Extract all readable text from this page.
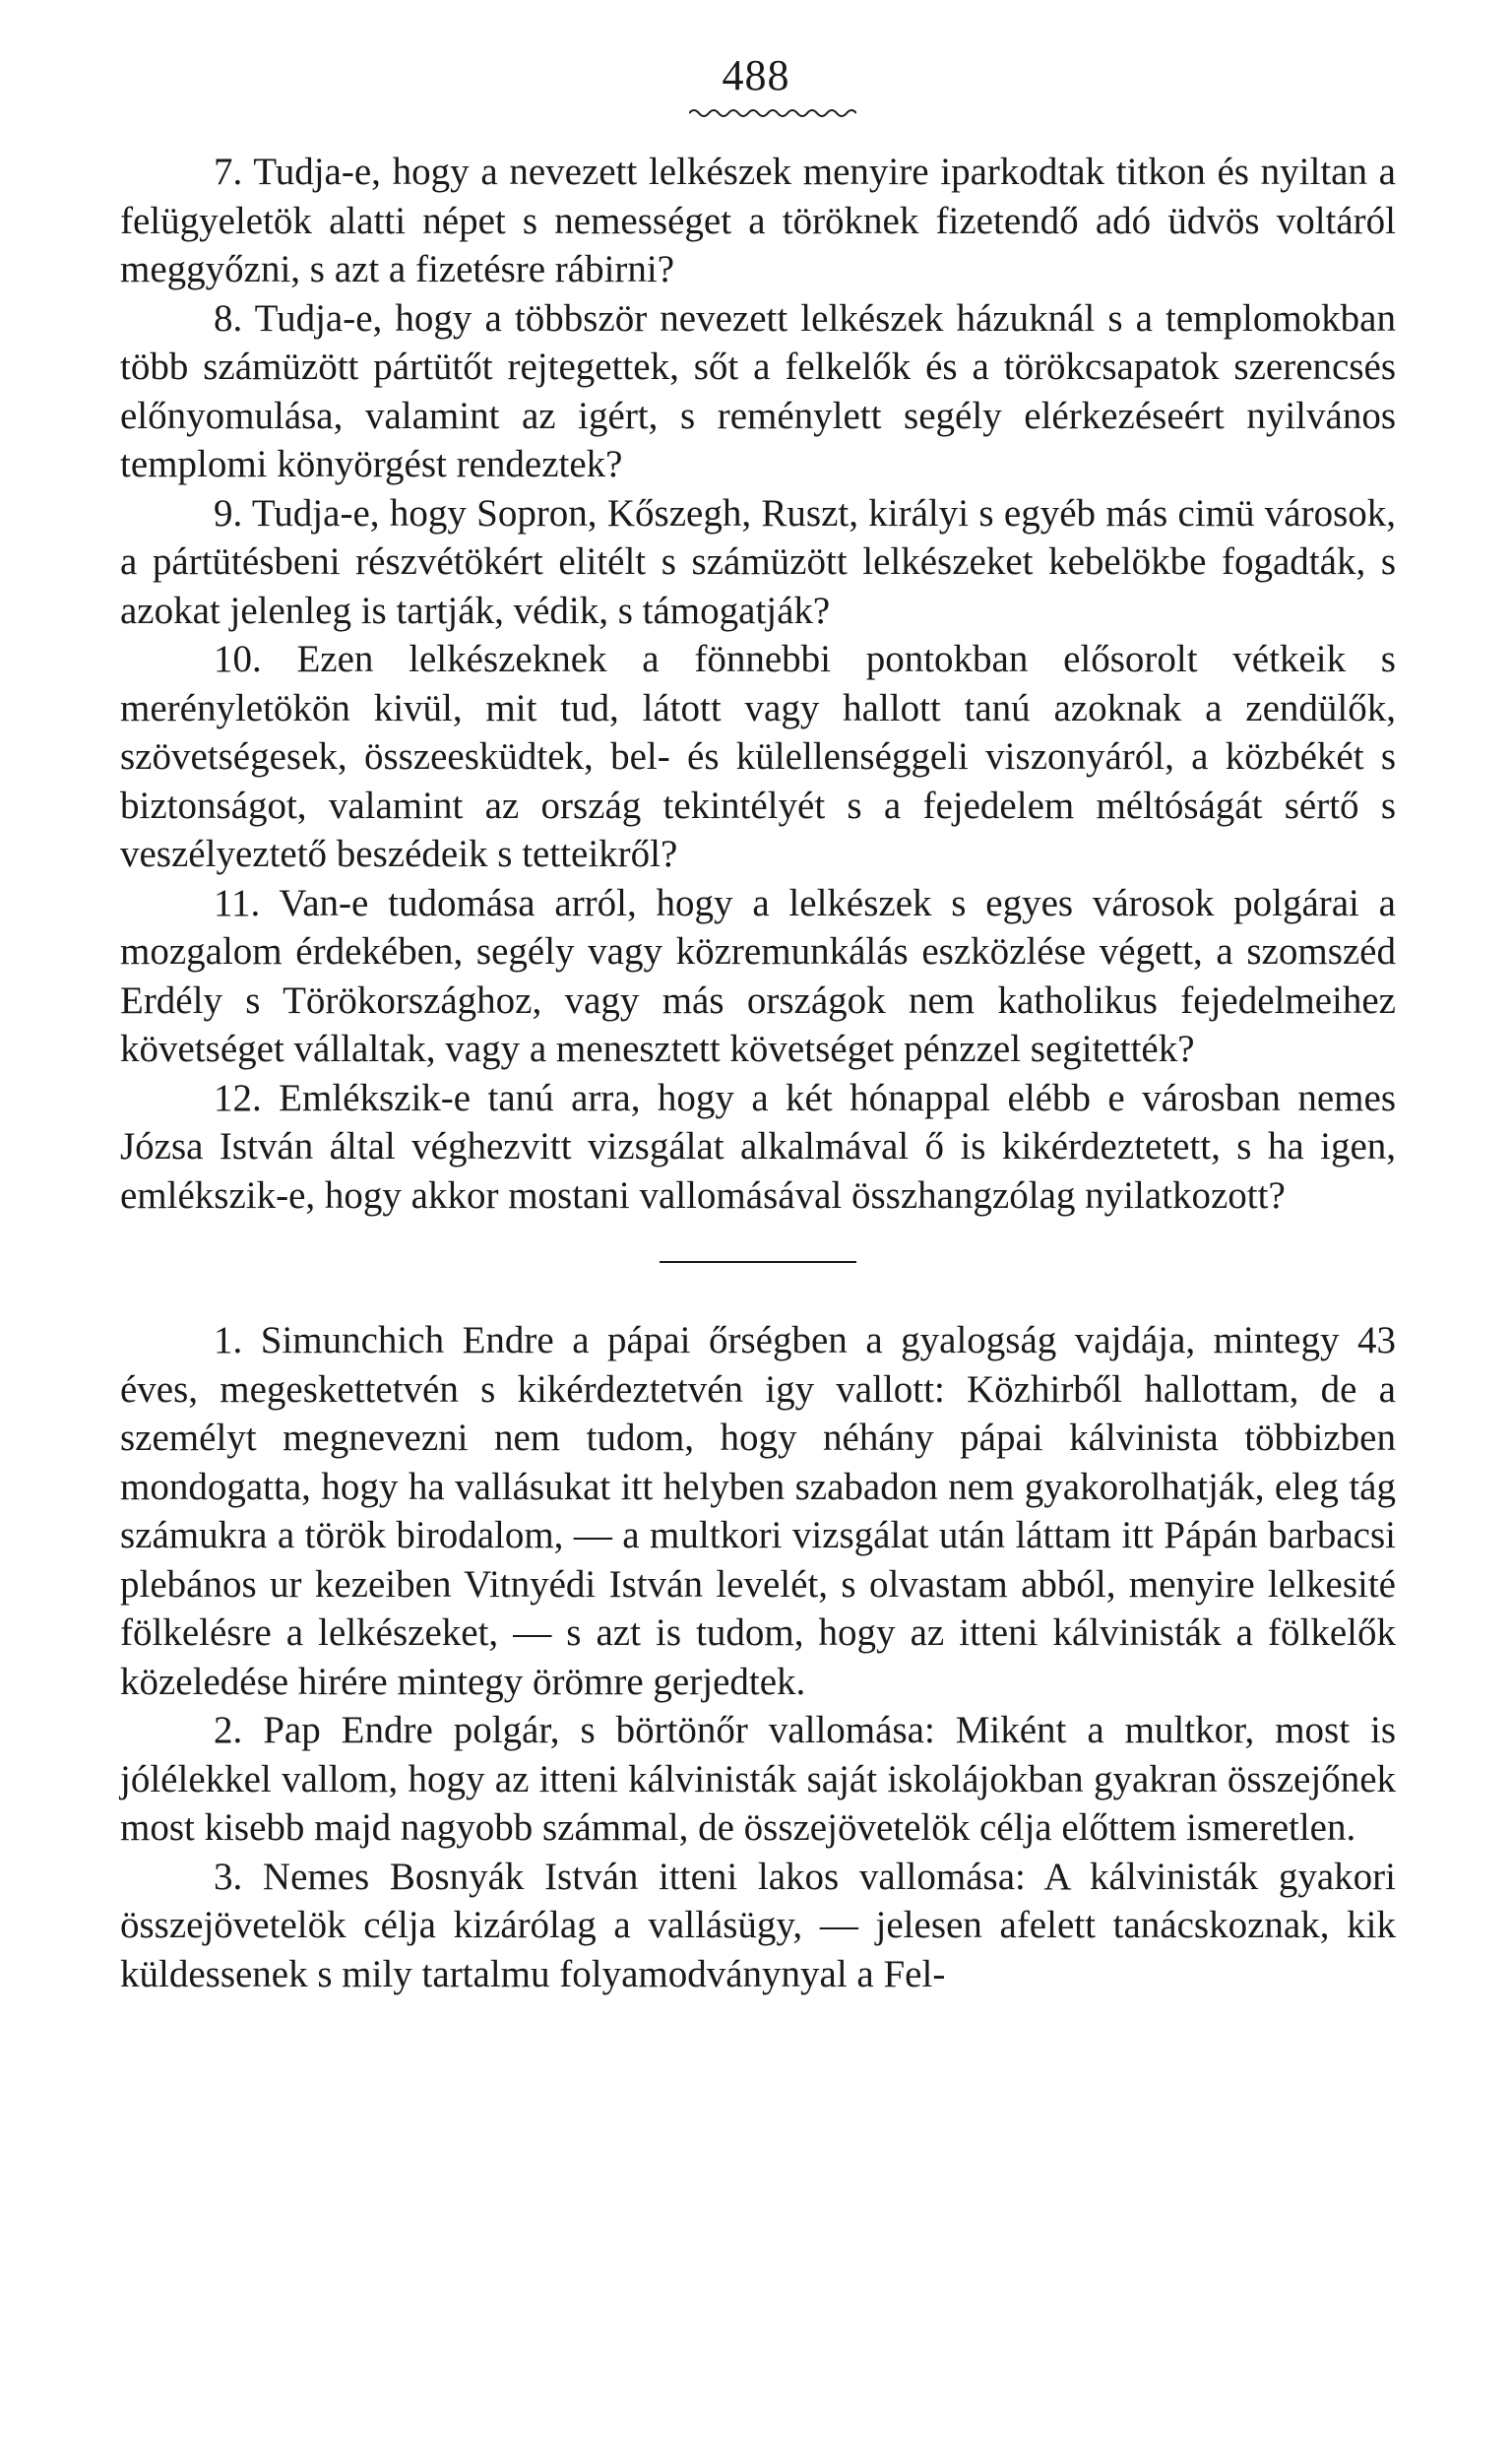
488

7. Tudja-e, hogy a nevezett lelkészek menyire iparkodtak titkon és nyiltan a felügyeletök alatti népet s nemességet a töröknek fizetendő adó üdvös voltáról meggyőzni, s azt a fizetésre rábirni?

8. Tudja-e, hogy a többször nevezett lelkészek házuknál s a templomokban több számüzött pártütőt rejtegettek, sőt a felkelők és a törökcsapatok szerencsés előnyomulása, valamint az igért, s reménylett segély elérkezéseért nyilvános templomi könyörgést rendeztek?

9. Tudja-e, hogy Sopron, Kőszegh, Ruszt, királyi s egyéb más cimü városok, a pártütésbeni részvétökért elitélt s számüzött lelkészeket kebelökbe fogadták, s azokat jelenleg is tartják, védik, s támogatják?

10. Ezen lelkészeknek a fönnebbi pontokban elősorolt vétkeik s merényletökön kivül, mit tud, látott vagy hallott tanú azoknak a zendülők, szövetségesek, összeesküdtek, bel- és külellenséggeli viszonyáról, a közbékét s biztonságot, valamint az ország tekintélyét s a fejedelem méltóságát sértő s veszélyeztető beszédeik s tetteikről?

11. Van-e tudomása arról, hogy a lelkészek s egyes városok polgárai a mozgalom érdekében, segély vagy közremunkálás eszközlése végett, a szomszéd Erdély s Törökországhoz, vagy más országok nem katholikus fejedelmeihez követséget vállaltak, vagy a menesztett követséget pénzzel segitették?

12. Emlékszik-e tanú arra, hogy a két hónappal elébb e városban nemes Józsa István által véghezvitt vizsgálat alkalmával ő is kikérdeztetett, s ha igen, emlékszik-e, hogy akkor mostani vallomásával összhangzólag nyilatkozott?

1. Simunchich Endre a pápai őrségben a gyalogság vajdája, mintegy 43 éves, megeskettetvén s kikérdeztetvén igy vallott: Közhirből hallottam, de a személyt megnevezni nem tudom, hogy néhány pápai kálvinista többizben mondogatta, hogy ha vallásukat itt helyben szabadon nem gyakorolhatják, eleg tág számukra a török birodalom, — a multkori vizsgálat után láttam itt Pápán barbacsi plebános ur kezeiben Vitnyédi István levelét, s olvastam abból, menyire lelkesité fölkelésre a lelkészeket, — s azt is tudom, hogy az itteni kálvinisták a fölkelők közeledése hirére mintegy örömre gerjedtek.

2. Pap Endre polgár, s börtönőr vallomása: Miként a multkor, most is jólélekkel vallom, hogy az itteni kálvinisták saját iskolájokban gyakran összejőnek most kisebb majd nagyobb számmal, de összejövetelök célja előttem ismeretlen.

3. Nemes Bosnyák István itteni lakos vallomása: A kálvinisták gyakori összejövetelök célja kizárólag a vallásügy, — jelesen afelett tanácskoznak, kik küldessenek s mily tartalmu folyamodványnyal a Fel-
